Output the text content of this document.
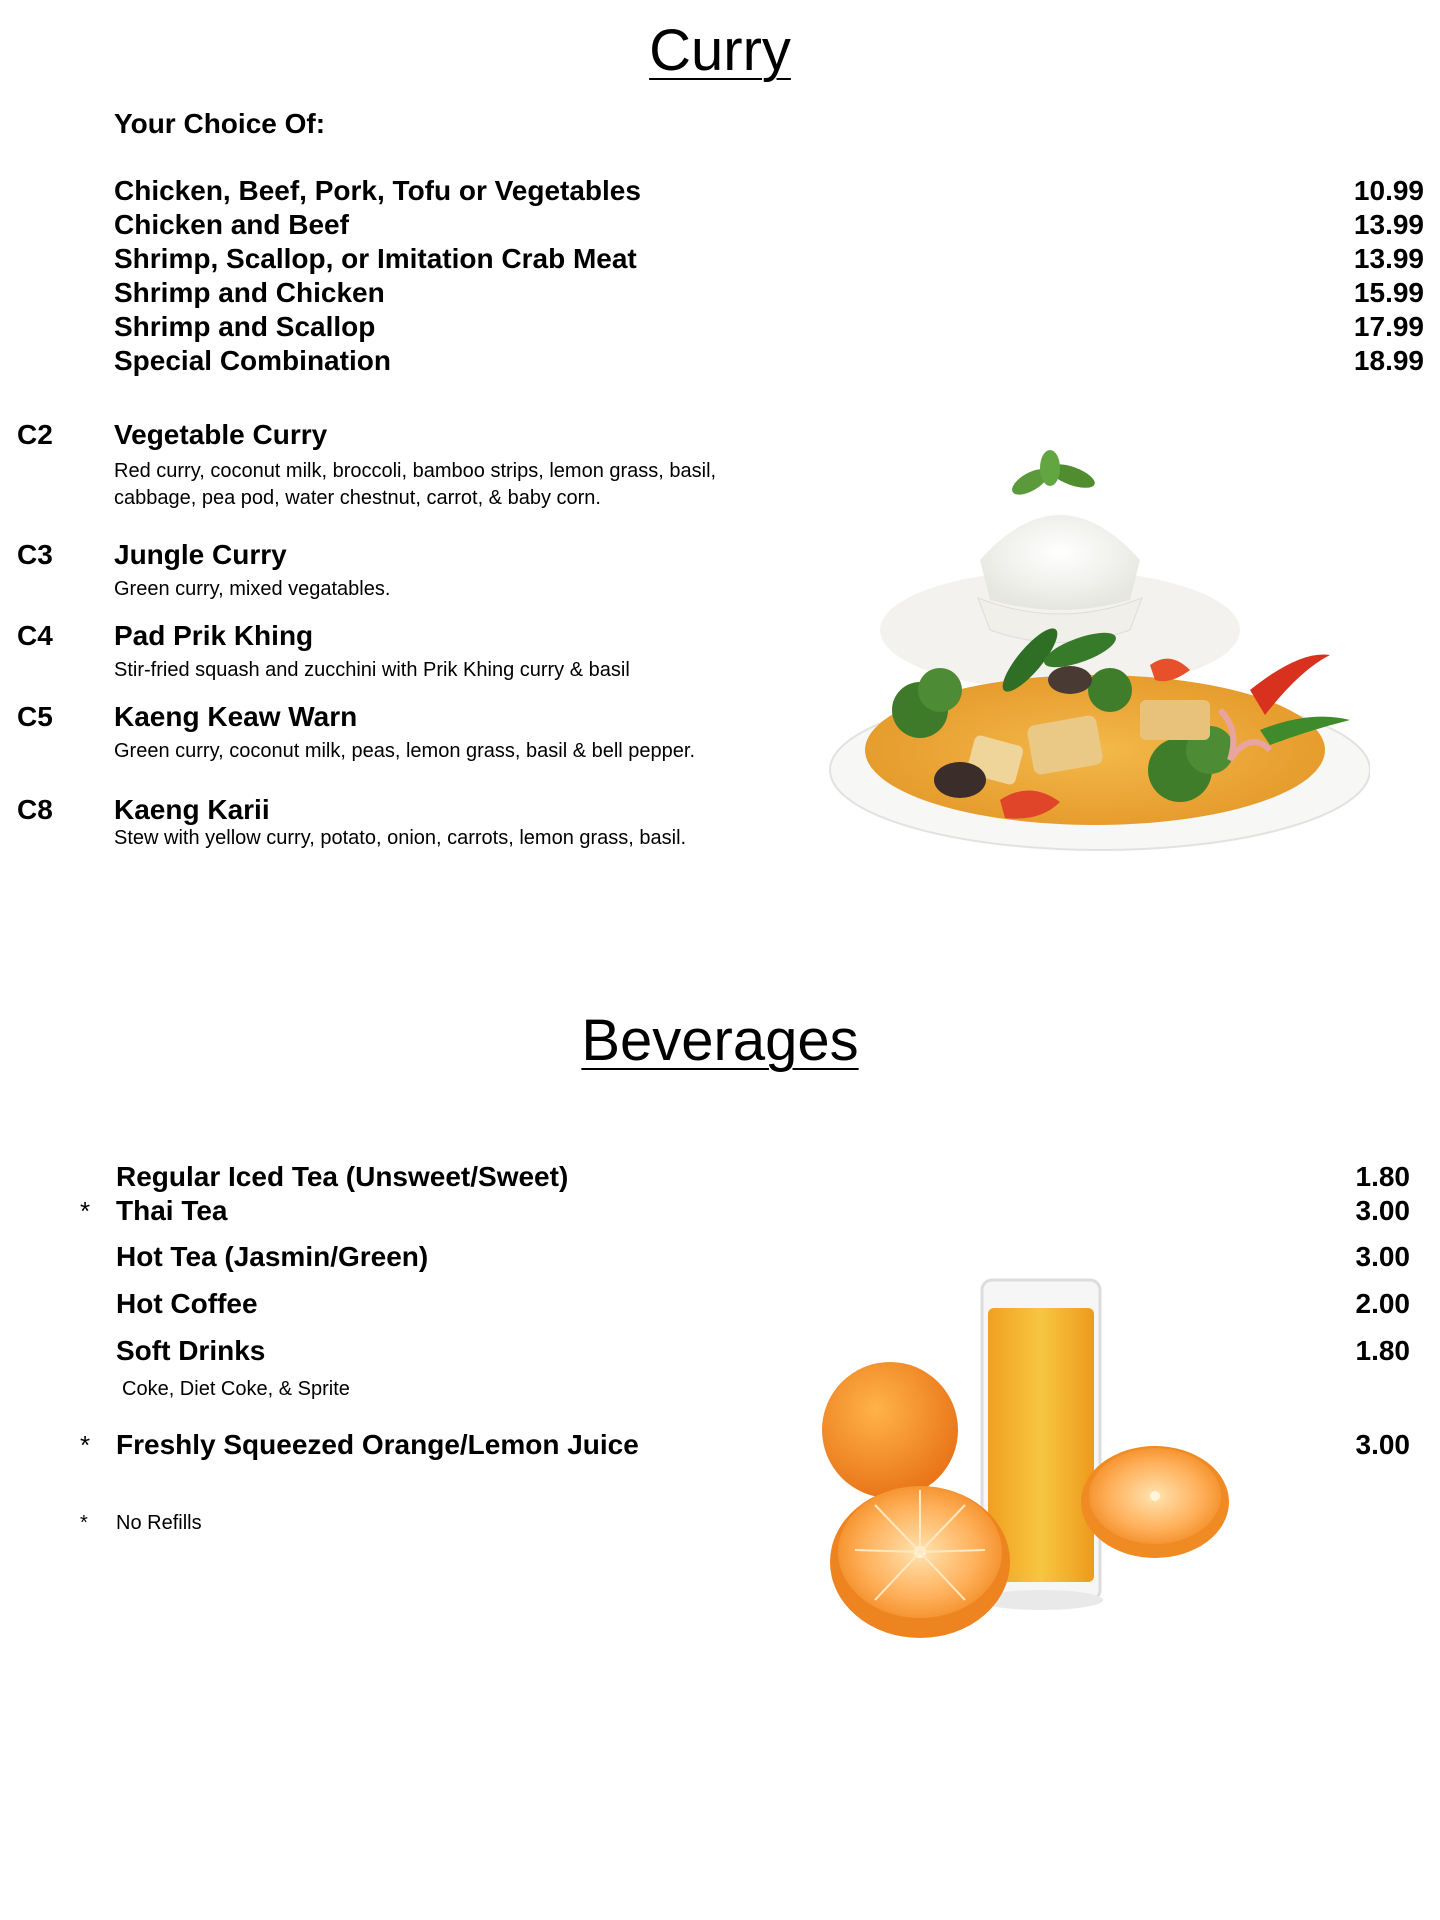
Curry
Your Choice Of:
Chicken, Beef, Pork, Tofu or Vegetables	10.99
Chicken and Beef	13.99
Shrimp, Scallop, or Imitation Crab Meat	13.99
Shrimp and Chicken	15.99
Shrimp and Scallop	17.99
Special Combination	18.99
C2 Vegetable Curry
Red curry, coconut milk, broccoli, bamboo strips, lemon grass, basil, cabbage, pea pod, water chestnut, carrot, & baby corn.
C3 Jungle Curry
Green curry, mixed vegatables.
C4 Pad Prik Khing
Stir-fried squash and zucchini with Prik Khing curry & basil
C5 Kaeng Keaw Warn
Green curry, coconut milk, peas, lemon grass, basil & bell pepper.
C8 Kaeng Karii
Stew with yellow curry, potato, onion, carrots, lemon grass, basil.
Beverages
Regular Iced Tea (Unsweet/Sweet)	1.80
* Thai Tea	3.00
Hot Tea (Jasmin/Green)	3.00
Hot Coffee	2.00
Soft Drinks	1.80
Coke, Diet Coke, & Sprite
* Freshly Squeezed Orange/Lemon Juice	3.00
* No Refills
